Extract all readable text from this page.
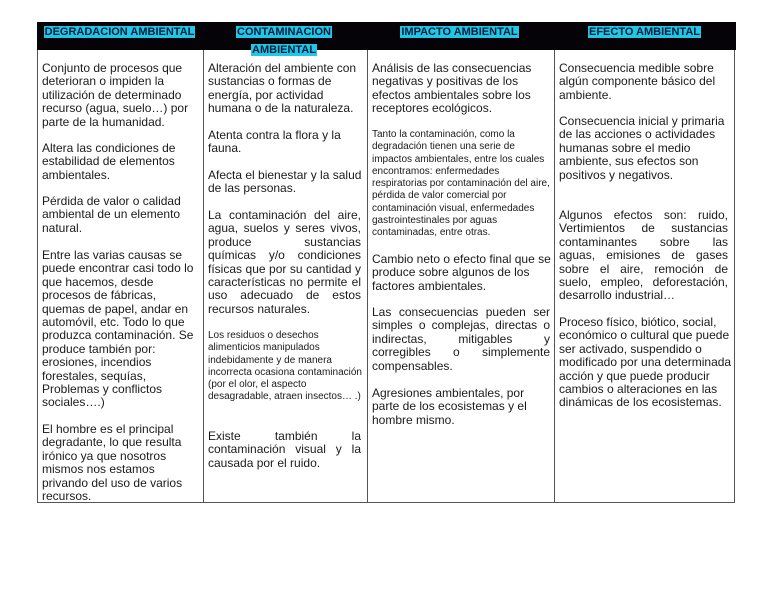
DEGRADACION AMBIENTAL	CONTAMINACION
AMBIENTAL
IMPACTO AMBIENTAL	EFECTO AMBIENTAL

Conjunto de procesos que deterioran o impiden la utilización de determinado recurso (agua, suelo…) por parte de la humanidad.

Altera las condiciones de estabilidad de elementos ambientales.

Pérdida de valor o calidad ambiental de un elemento natural.

Entre las varias causas se puede encontrar casi todo lo que hacemos, desde procesos de fábricas, quemas de papel, andar en automóvil, etc. Todo lo que produzca contaminación. Se produce también por: erosiones, incendios forestales, sequías, Problemas y conflictos sociales….)

El hombre es el principal degradante, lo que resulta irónico ya que nosotros mismos nos estamos privando del uso de varios recursos.

Alteración del ambiente con sustancias o formas de energía, por actividad humana o de la naturaleza.

Atenta contra la flora y la fauna.

Afecta el bienestar y la salud de las personas.

La contaminación del aire, agua, suelos y seres vivos, produce sustancias químicas y/o condiciones físicas que por su cantidad y características no permite el uso adecuado de estos recursos naturales.

Los residuos o desechos alimenticios manipulados indebidamente y de manera incorrecta ocasiona contaminación (por el olor, el aspecto desagradable, atraen insectos… .)

Existe también la contaminación visual y la causada por el ruido.

Análisis de las consecuencias negativas y positivas de los efectos ambientales sobre los receptores ecológicos.

Tanto la contaminación, como la degradación tienen una serie de impactos ambientales, entre los cuales encontramos: enfermedades respiratorias por contaminación del aire, pérdida de valor comercial por contaminación visual, enfermedades gastrointestinales por aguas contaminadas, entre otras.

Cambio neto o efecto final que se produce sobre algunos de los factores ambientales.

Las consecuencias pueden ser simples o complejas, directas o indirectas, mitigables y corregibles o simplemente compensables.

Agresiones ambientales, por parte de los ecosistemas y el hombre mismo.

Consecuencia medible sobre algún componente básico del ambiente.

Consecuencia inicial y primaria de las acciones o actividades humanas sobre el medio ambiente, sus efectos son positivos y negativos.

Algunos efectos son: ruido, Vertimientos de sustancias contaminantes sobre las aguas, emisiones de gases sobre el aire, remoción de suelo, empleo, deforestación, desarrollo industrial…

Proceso físico, biótico, social, económico o cultural que puede ser activado, suspendido o modificado por una determinada acción y que puede producir cambios o alteraciones en las dinámicas de los ecosistemas.
